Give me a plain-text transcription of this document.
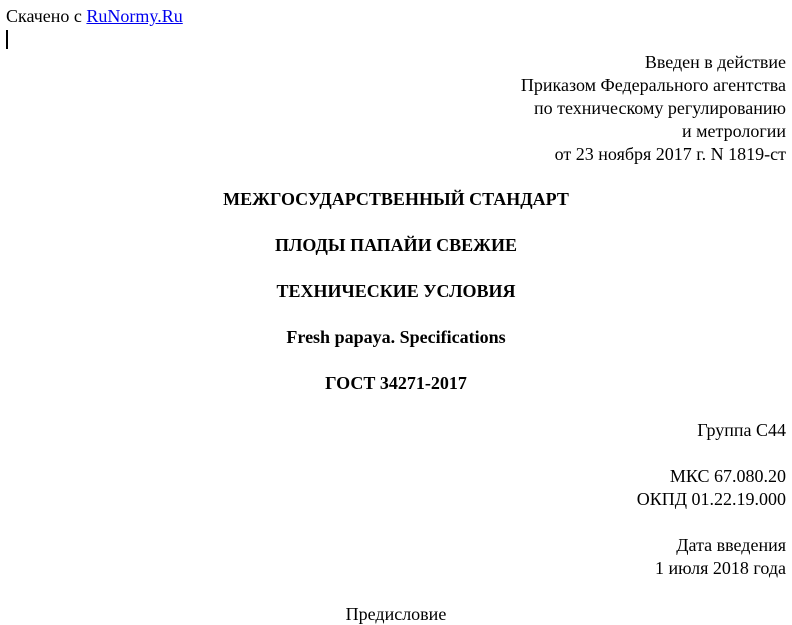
Скачено с RuNormy.Ru
Введен в действие
Приказом Федерального агентства
по техническому регулированию
и метрологии
от 23 ноября 2017 г. N 1819-ст
МЕЖГОСУДАРСТВЕННЫЙ СТАНДАРТ
ПЛОДЫ ПАПАЙИ СВЕЖИЕ
ТЕХНИЧЕСКИЕ УСЛОВИЯ
Fresh papaya. Specifications
ГОСТ 34271-2017
Группа С44
МКС 67.080.20
ОКПД 01.22.19.000
Дата введения
1 июля 2018 года
Предисловие
